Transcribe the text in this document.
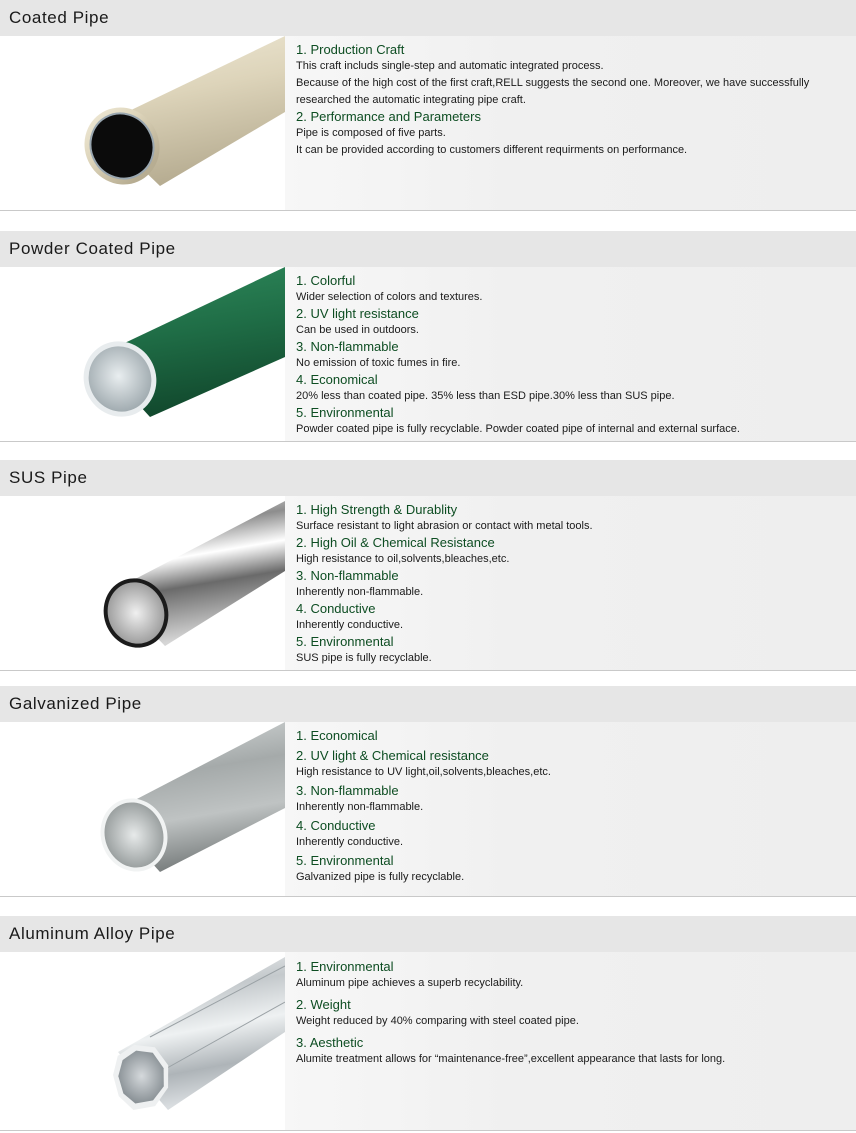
Coated Pipe
1. Production Craft
This craft includs single-step and automatic integrated process.
Because of the high cost of the first craft,RELL suggests the second one. Moreover, we have successfully
researched the automatic integrating pipe craft.
2. Performance and Parameters
Pipe is composed of five parts.
It can be provided according to customers different requirments on performance.
Powder Coated Pipe
1. Colorful
Wider selection of colors and textures.
2. UV light resistance
Can be used in outdoors.
3. Non-flammable
No emission of toxic fumes in fire.
4. Economical
20% less than coated pipe. 35% less than ESD pipe.30% less than SUS pipe.
5. Environmental
Powder coated pipe is fully recyclable. Powder coated pipe of internal and external surface.
SUS Pipe
1. High Strength & Durablity
Surface resistant to light abrasion or contact with metal tools.
2. High Oil & Chemical Resistance
High resistance to oil,solvents,bleaches,etc.
3. Non-flammable
Inherently non-flammable.
4. Conductive
Inherently conductive.
5. Environmental
SUS pipe is fully recyclable.
Galvanized Pipe
1. Economical
2. UV light & Chemical resistance
High resistance to UV light,oil,solvents,bleaches,etc.
3. Non-flammable
Inherently non-flammable.
4. Conductive
Inherently conductive.
5. Environmental
Galvanized pipe is fully recyclable.
Aluminum Alloy Pipe
1. Environmental
Aluminum pipe achieves a superb recyclability.
2. Weight
Weight reduced by 40% comparing with steel coated pipe.
3. Aesthetic
Alumite treatment allows for “maintenance-free”,excellent appearance that lasts for long.
